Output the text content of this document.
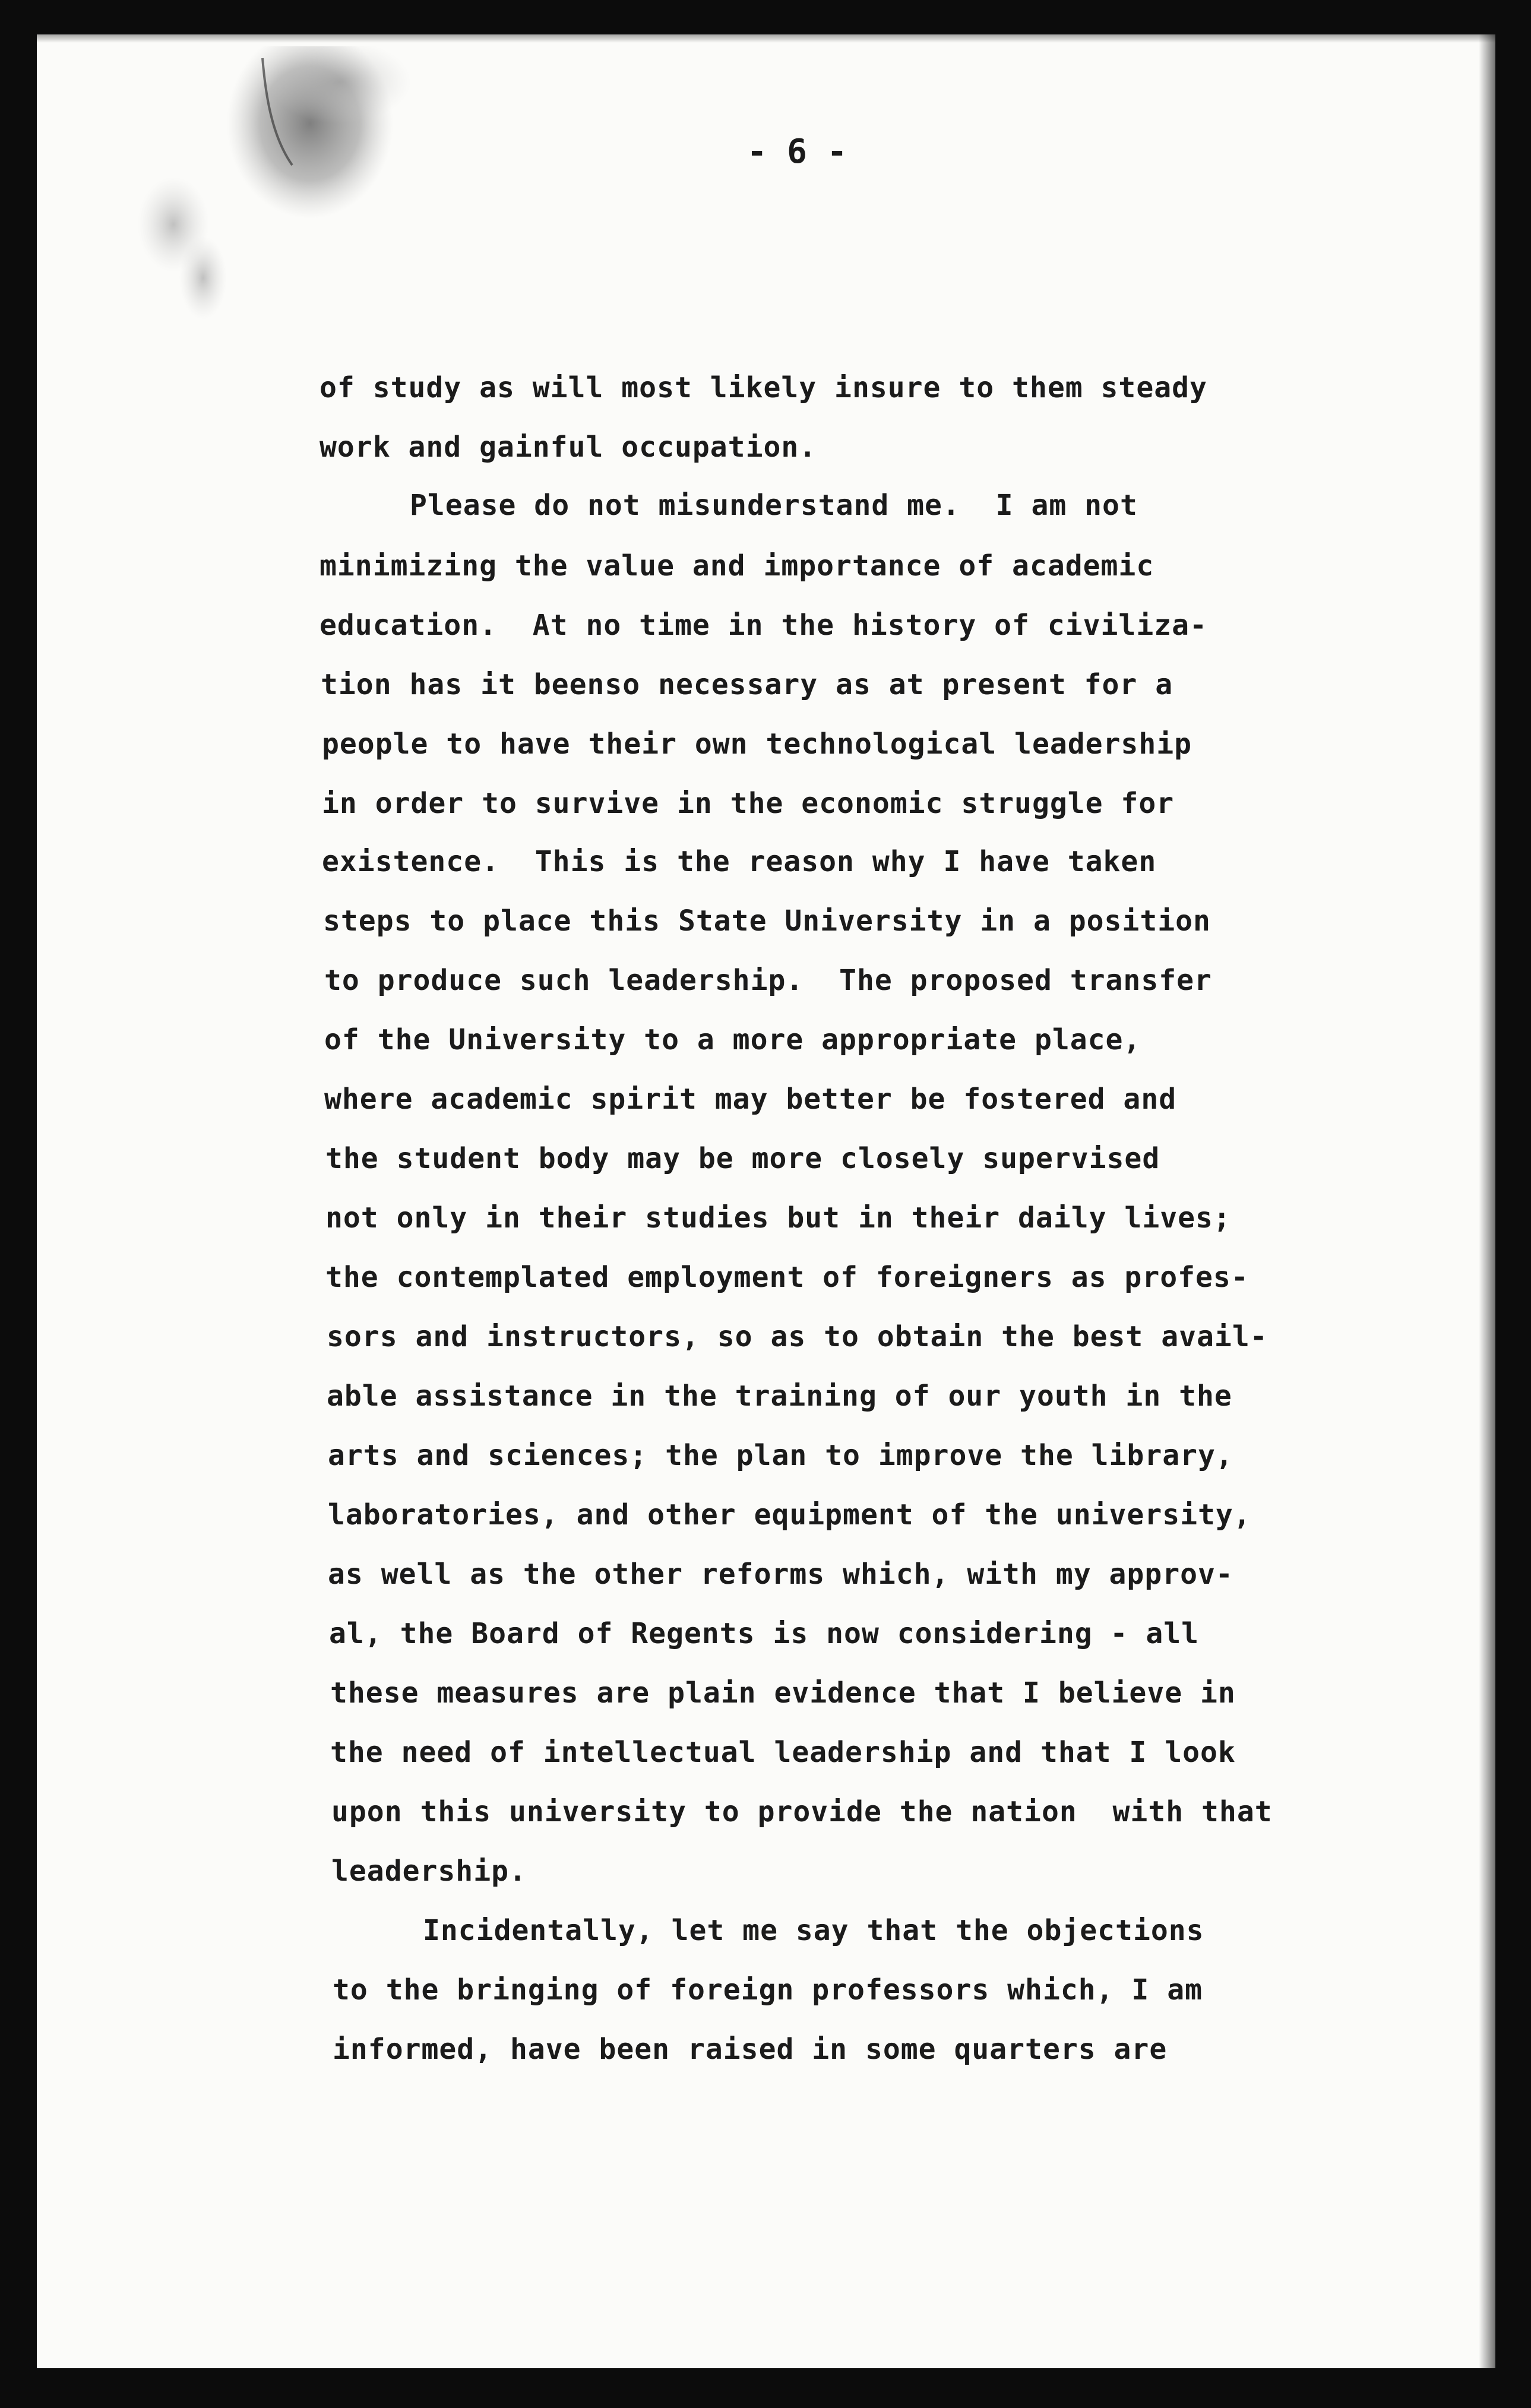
- 6 -
of study as will most likely insure to them steady
work and gainful occupation.
Please do not misunderstand me.  I am not
minimizing the value and importance of academic
education.  At no time in the history of civiliza-
tion has it beenso necessary as at present for a
people to have their own technological leadership
in order to survive in the economic struggle for
existence.  This is the reason why I have taken
steps to place this State University in a position
to produce such leadership.  The proposed transfer
of the University to a more appropriate place,
where academic spirit may better be fostered and
the student body may be more closely supervised
not only in their studies but in their daily lives;
the contemplated employment of foreigners as profes-
sors and instructors, so as to obtain the best avail-
able assistance in the training of our youth in the
arts and sciences; the plan to improve the library,
laboratories, and other equipment of the university,
as well as the other reforms which, with my approv-
al, the Board of Regents is now considering - all
these measures are plain evidence that I believe in
the need of intellectual leadership and that I look
upon this university to provide the nation  with that
leadership.
Incidentally, let me say that the objections
to the bringing of foreign professors which, I am
informed, have been raised in some quarters are
